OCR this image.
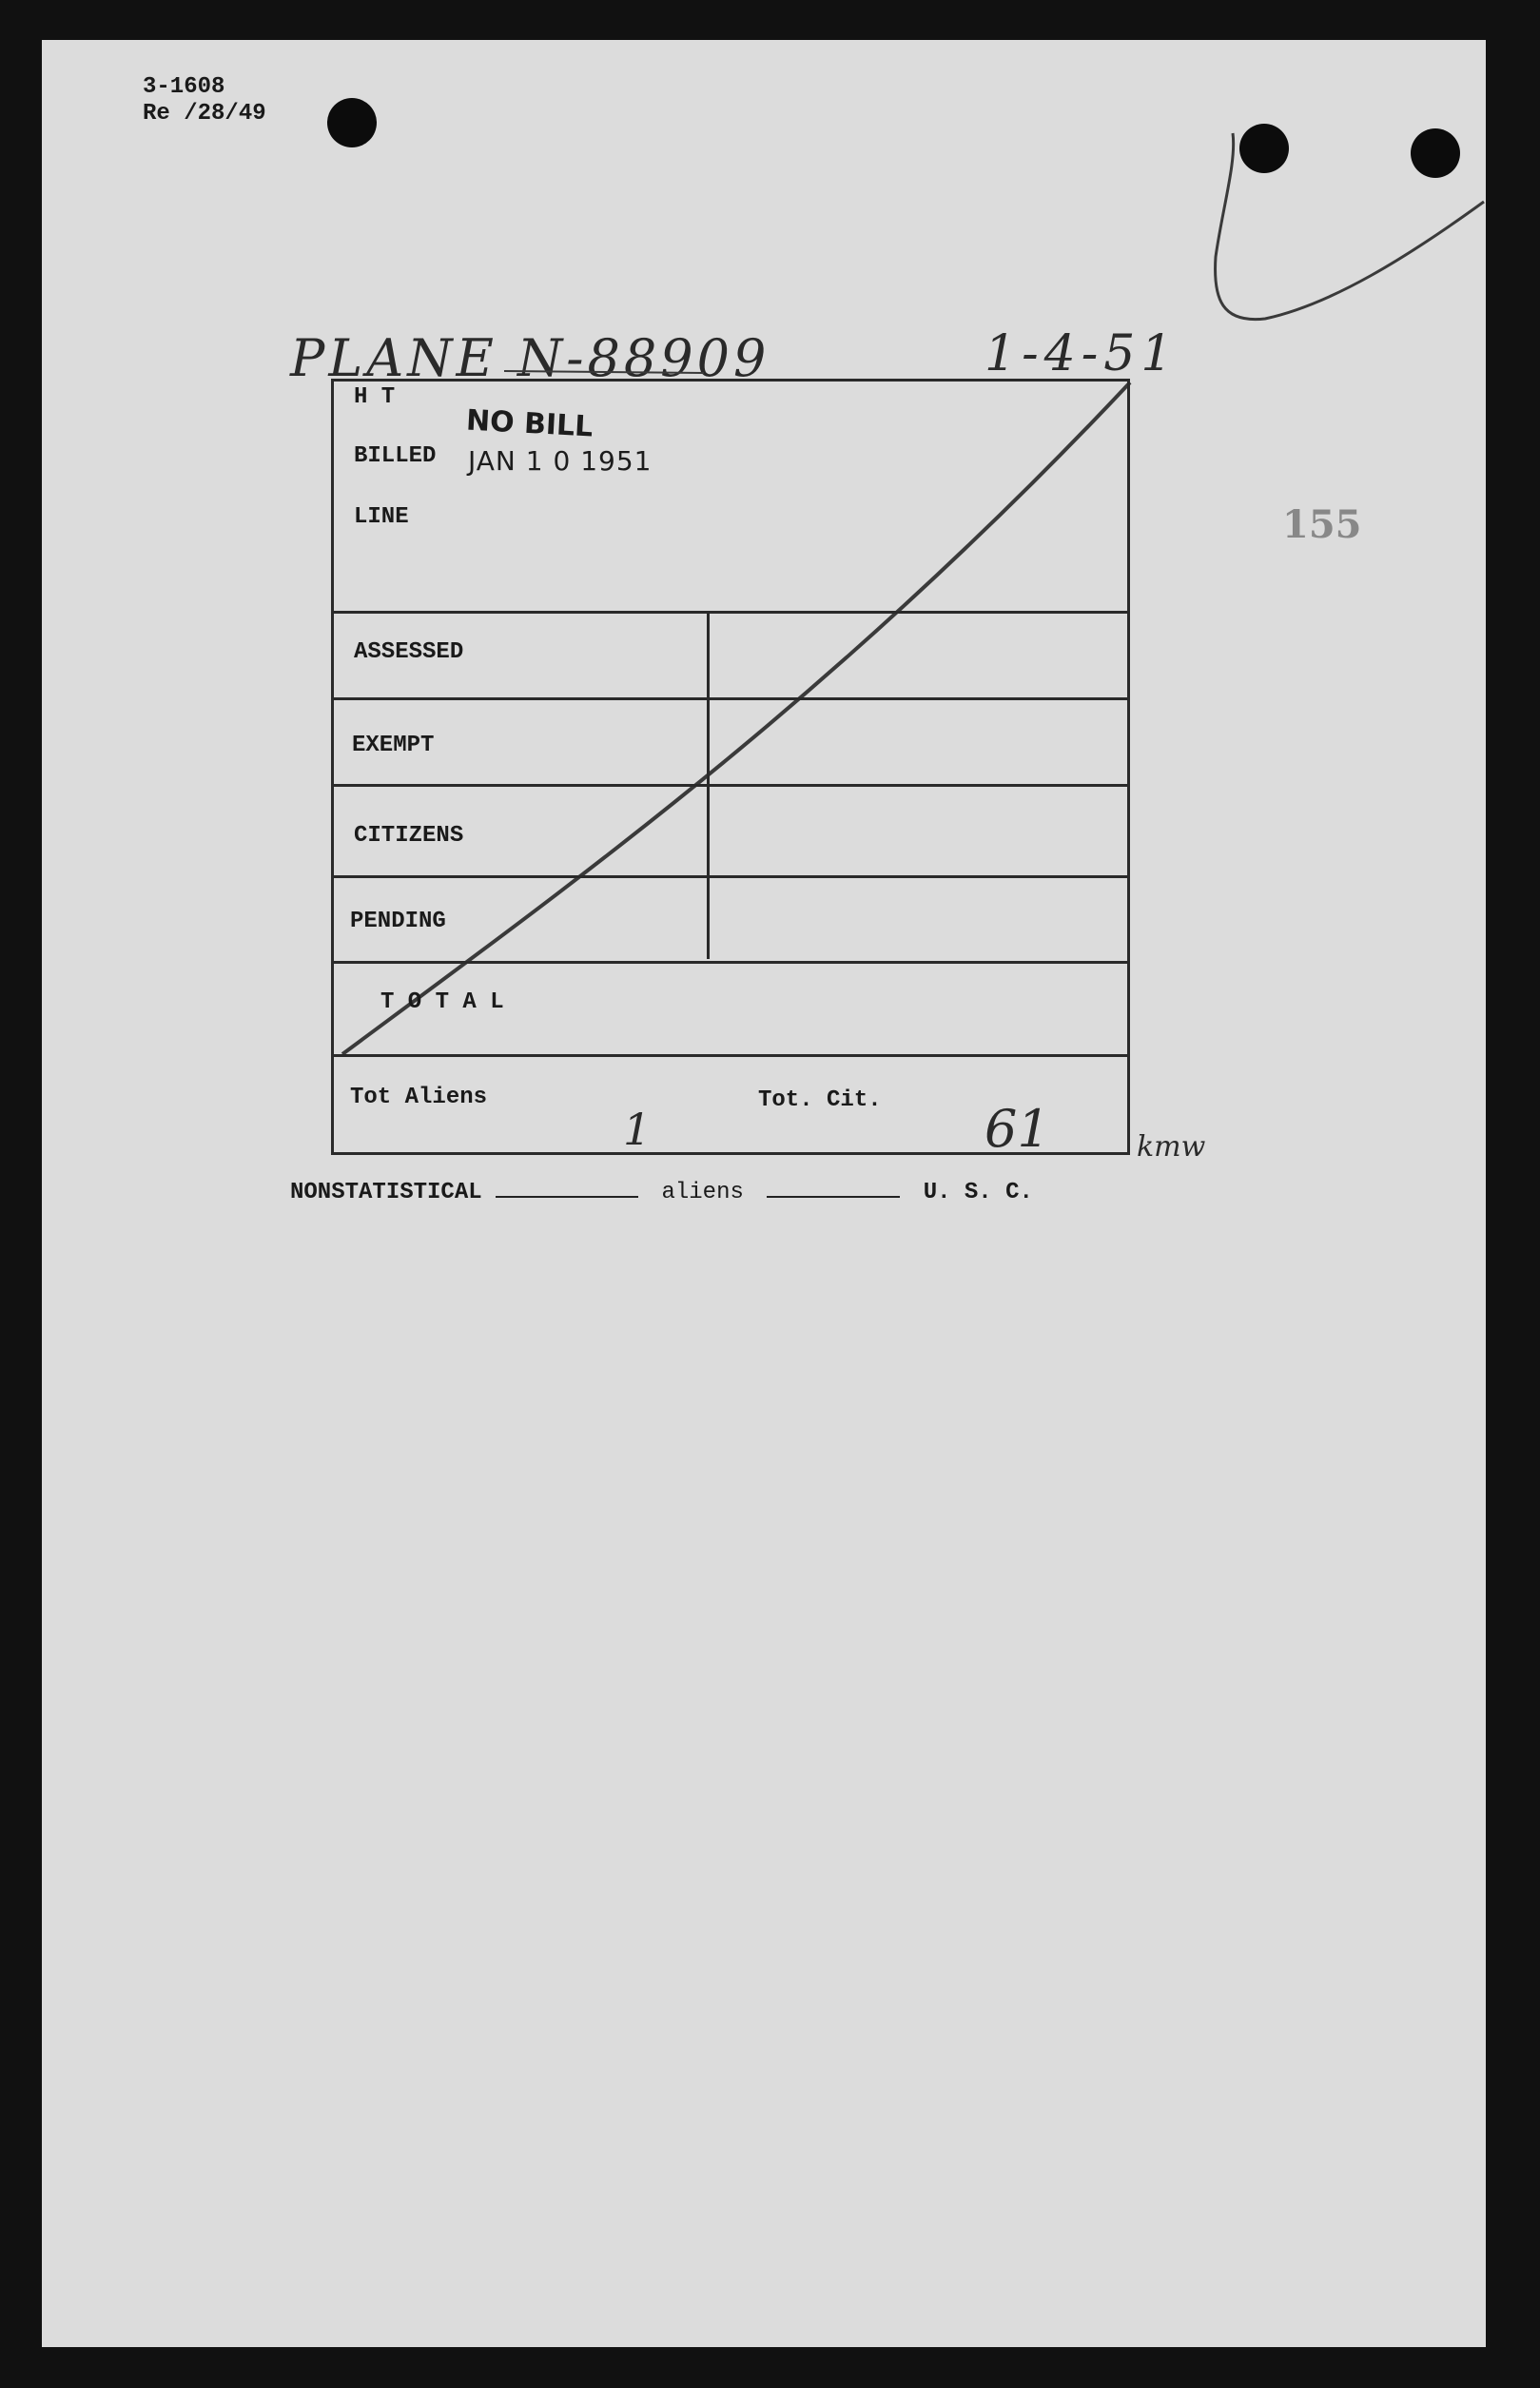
3-1608
Re /28/49
155
PLANE N-88909	1-4-51
NO BILL
JAN 1 0 1951
H T
BILLED
LINE
ASSESSED
EXEMPT
CITIZENS
PENDING
T O T A L
Tot Aliens	Tot. Cit.
1	61	kmw
NONSTATISTICAL	aliens	U. S. C.
